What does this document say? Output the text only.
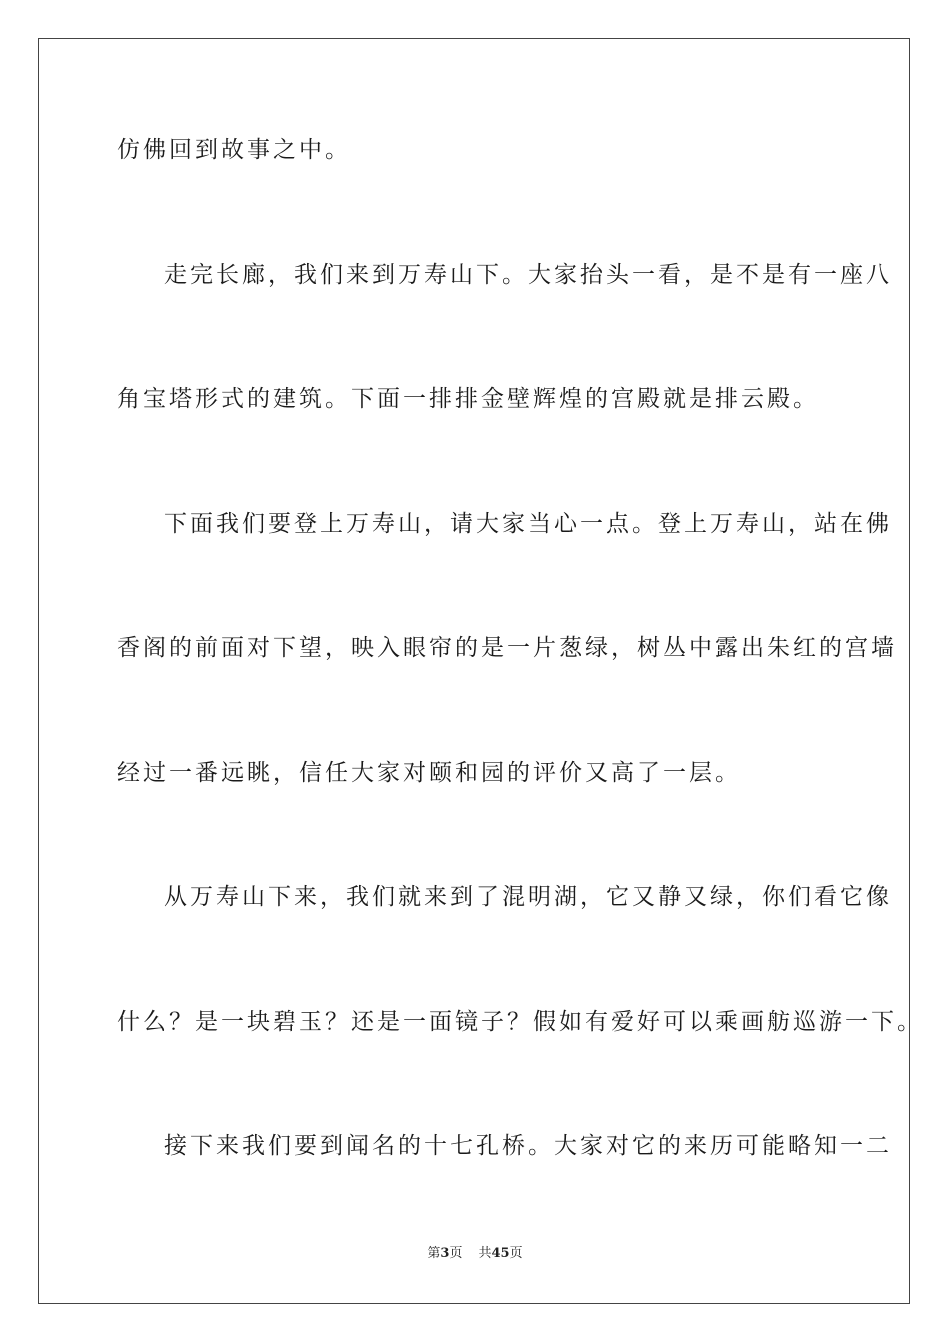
仿佛回到故事之中。
走完长廊，我们来到万寿山下。大家抬头一看，是不是有一座八
角宝塔形式的建筑。下面一排排金壁辉煌的宫殿就是排云殿。
下面我们要登上万寿山，请大家当心一点。登上万寿山，站在佛
香阁的前面对下望，映入眼帘的是一片葱绿，树丛中露出朱红的宫墙
经过一番远眺，信任大家对颐和园的评价又高了一层。
从万寿山下来，我们就来到了混明湖，它又静又绿，你们看它像
什么？是一块碧玉？还是一面镜子？假如有爱好可以乘画舫巡游一下。
接下来我们要到闻名的十七孔桥。大家对它的来历可能略知一二
第3页 共45页
